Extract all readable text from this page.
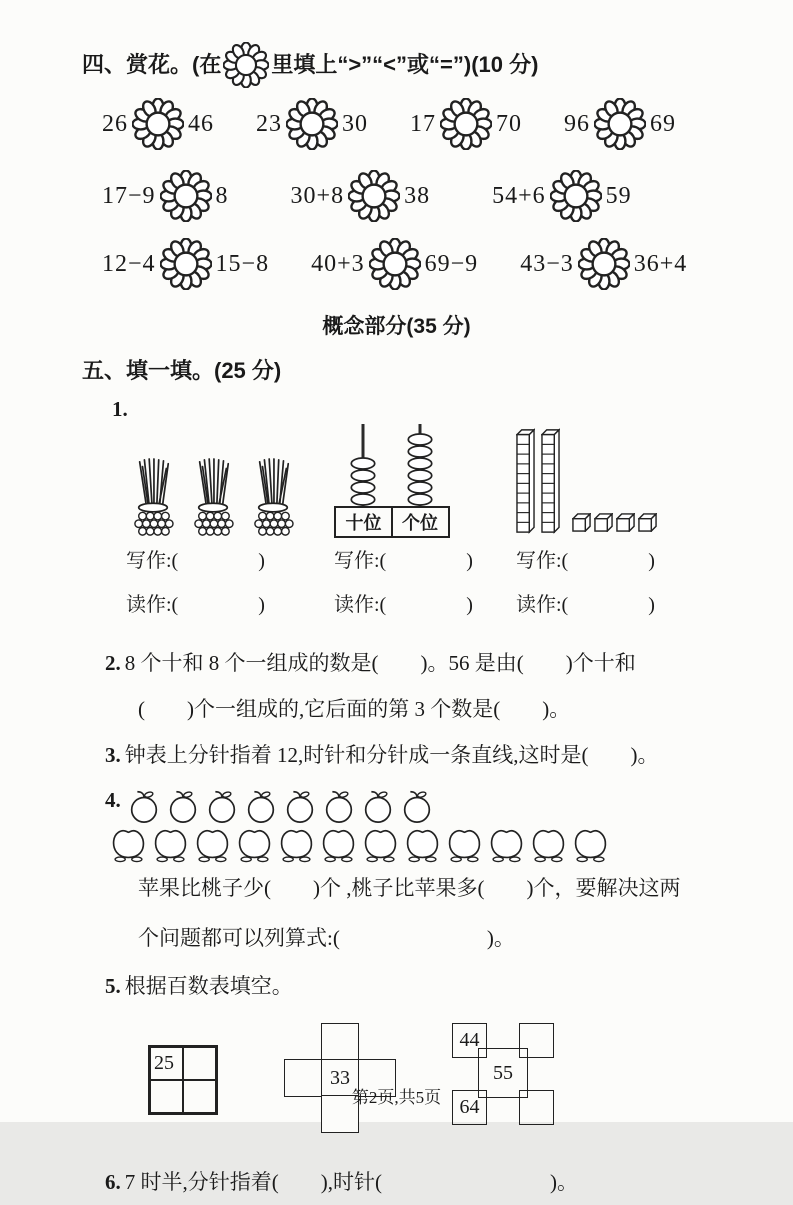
四、赏花。(在 里填上“>”“<”或“=”)(10 分)
26	46 23	30 17	70 96	69
17−9	8	30+8	38	54+6	59
12−4	15−8 40+3	69−9 43−3	36+4
概念部分(35 分)
五、填一填。(25 分)
1.
写作:(　　　　)
读作:(　　　　)
十位	个位
写作:(　　　　)
读作:(　　　　)
写作:(　　　　)
读作:(　　　　)
2. 8 个十和 8 个一组成的数是(　　)。56 是由(　　)个十和
(　　)个一组成的,它后面的第 3 个数是(　　)。
3. 钟表上分针指着 12,时针和分针成一条直线,这时是(　　)。
4.
苹果比桃子少(　　)个 ,桃子比苹果多(　　)个，要解决这两
个问题都可以列算式:(　　　　　　　)。
5. 根据百数表填空。
25
33	55
44
64
6. 7 时半,分针指着(　　),时针(　　　　　　　　)。
第2页,共5页
